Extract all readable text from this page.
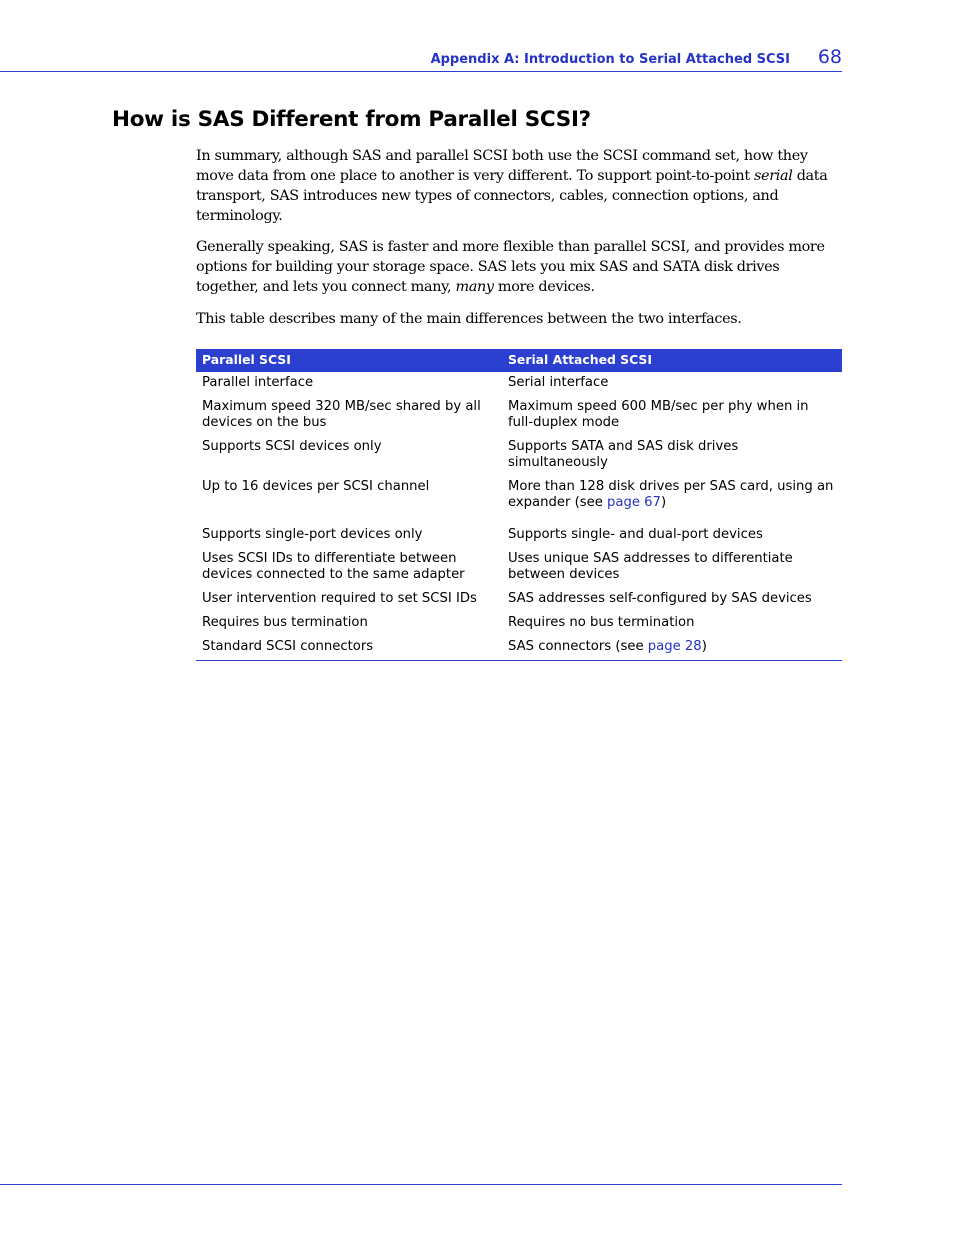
Appendix A: Introduction to Serial Attached SCSI 68
How is SAS Different from Parallel SCSI?

In summary, although SAS and parallel SCSI both use the SCSI command set, how they move data from one place to another is very different. To support point-to-point serial data transport, SAS introduces new types of connectors, cables, connection options, and terminology.

Generally speaking, SAS is faster and more flexible than parallel SCSI, and provides more options for building your storage space. SAS lets you mix SAS and SATA disk drives together, and lets you connect many, many more devices.

This table describes many of the main differences between the two interfaces.

Parallel SCSI	Serial Attached SCSI
Parallel interface	Serial interface
Maximum speed 320 MB/sec shared by all devices on the bus	Maximum speed 600 MB/sec per phy when in full-duplex mode
Supports SCSI devices only	Supports SATA and SAS disk drives simultaneously
Up to 16 devices per SCSI channel	More than 128 disk drives per SAS card, using an expander (see page 67)
Supports single-port devices only	Supports single- and dual-port devices
Uses SCSI IDs to differentiate between devices connected to the same adapter	Uses unique SAS addresses to differentiate between devices
User intervention required to set SCSI IDs	SAS addresses self-configured by SAS devices
Requires bus termination	Requires no bus termination
Standard SCSI connectors	SAS connectors (see page 28)
